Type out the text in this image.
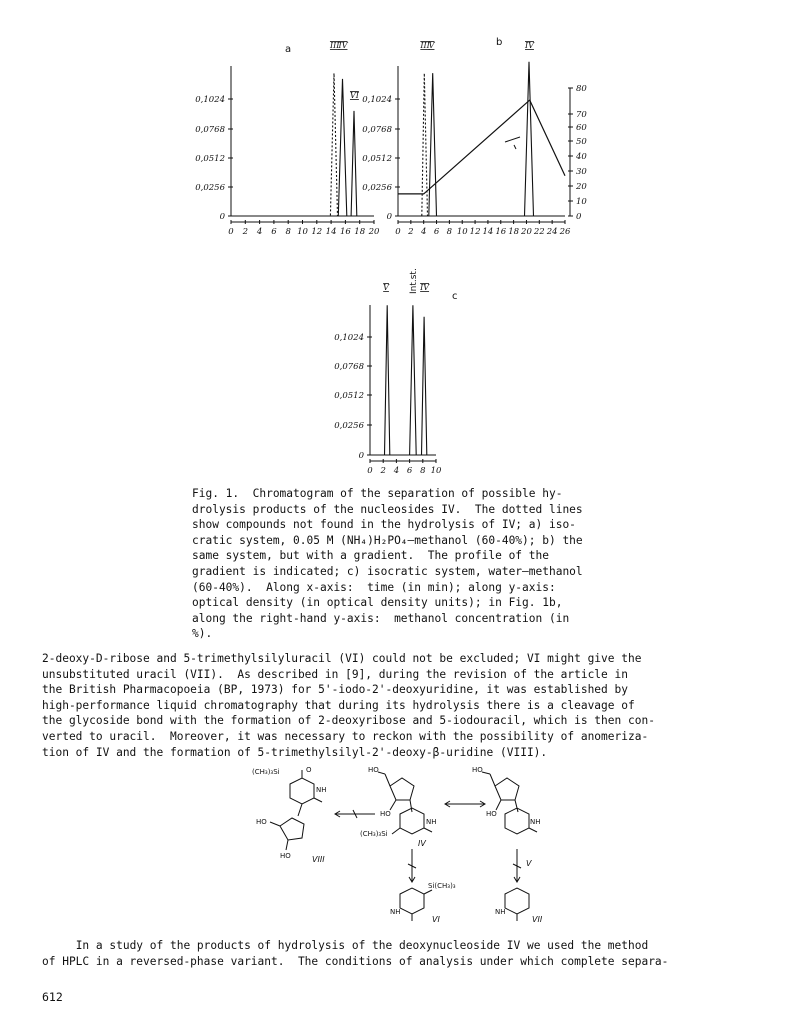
a
0,1024
0,0768
0,0512
0,0256
0
0 2 4 6 8 10 12 14 16 18 20
III IV
VI
b
0,1024
0,0768
0,0512
0,0256
0
0 2 4 6 8 10 12 14 16 18 20 22 24 26
80
70
60
50
40
30
20
10
0
III
V	IV
c
0,1024
0,0768
0,0512
0,0256
0
0 2 4 6 8 10
V Int.st. IV
Fig. 1.  Chromatogram of the separation of possible hy-
drolysis products of the nucleosides IV.  The dotted lines
show compounds not found in the hydrolysis of IV; a) iso-
cratic system, 0.05 M (NH₄)H₂PO₄—methanol (60-40%); b) the
same system, but with a gradient.  The profile of the
gradient is indicated; c) isocratic system, water—methanol
(60-40%).  Along x-axis:  time (in min); along y-axis:
optical density (in optical density units); in Fig. 1b,
along the right-hand y-axis:  methanol concentration (in
%).
2-deoxy-D-ribose and 5-trimethylsilyluracil (VI) could not be excluded; VI might give the
unsubstituted uracil (VII).  As described in [9], during the revision of the article in
the British Pharmacopoeia (BP, 1973) for 5'-iodo-2'-deoxyuridine, it was established by
high-performance liquid chromatography that during its hydrolysis there is a cleavage of
the glycoside bond with the formation of 2-deoxyribose and 5-iodouracil, which is then con-
verted to uracil.  Moreover, it was necessary to reckon with the possibility of anomeriza-
tion of IV and the formation of 5-trimethylsilyl-2'-deoxy-β-uridine (VIII).
(CH₃)₃Si
HO
NH
O
HO	VIII
HO
HO
NH
(CH₃)₃Si
IV
HO
HO
NH
V
Si(CH₃)₃
NH
VI
NH
VII
In a study of the products of hydrolysis of the deoxynucleoside IV we used the method
of HPLC in a reversed-phase variant.  The conditions of analysis under which complete separa-
612
